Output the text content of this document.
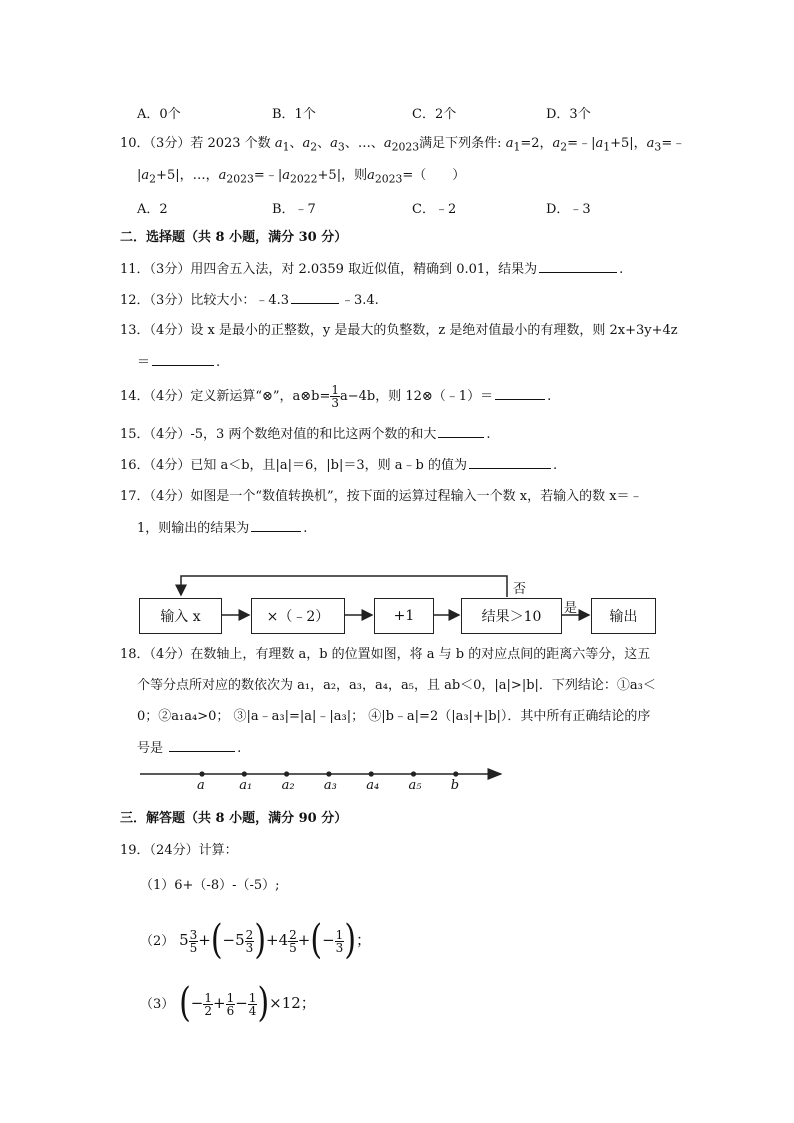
A．0个	B．1个	C．2个	D．3个
10．（3分）若 2023 个数 $a_1$、$a_2$、$a_3$、…、$a_{2023}$满足下列条件: $a_1=2$，$a_2=﹣|a_1+5|$，$a_3=﹣$
$|a_2+5|$，…，$a_{2023}=﹣|a_{2022}+5|$，则$a_{2023}=$（　　）
A．2	B．﹣7	C．﹣2	D．﹣3
二．选择题（共 8 小题，满分 30 分）
11．（3分）用四舍五入法，对 2.0359 取近似值，精确到 0.01，结果为	.
12．（3分）比较大小：﹣4.3	﹣3.4.
13．（4分）设 x 是最小的正整数，y 是最大的负整数，z 是绝对值最小的有理数，则 2x+3y+4z
＝	.
14．（4分）定义新运算“⊗”，a⊗b= $\frac{1}{3} a-4b$，则 12⊗（﹣1）＝	.
15．（4分）-5，3 两个数绝对值的和比这两个数的和大	.
16．（4分）已知 a＜b，且|a|＝6，|b|＝3，则 a﹣b 的值为	.
17．（4分）如图是一个“数值转换机”，按下面的运算过程输入一个数 x，若输入的数 x＝﹣
1，则输出的结果为	.
输入 x	×（﹣2）	+1	结果＞10	输出
否
是
18．（4分）在数轴上，有理数 a，b 的位置如图，将 a 与 b 的对应点间的距离六等分，这五
个等分点所对应的数依次为 a₁，a₂，a₃，a₄，a₅，且 ab＜0，|a|>|b|．下列结论：①a₃＜
0；②a₁a₄>0； ③|a﹣a₃|=|a|﹣|a₃|； ④|b﹣a|=2（|a₃|+|b|）．其中所有正确结论的序
号是	.
a	a₁ a₂ a₃ a₄ a₅ b
三．解答题（共 8 小题，满分 90 分）
19．（24分）计算：
（1）6+（-8）-（-5）;
（2） $5 \frac{3}{5} +(-5 \frac{2}{3} )+4 \frac{2}{5}$ +(− $\frac{1}{3}$ )；
（3） (− $\frac{1}{2} + \frac{1}{6} - \frac{1}{4} )\times 12$；
